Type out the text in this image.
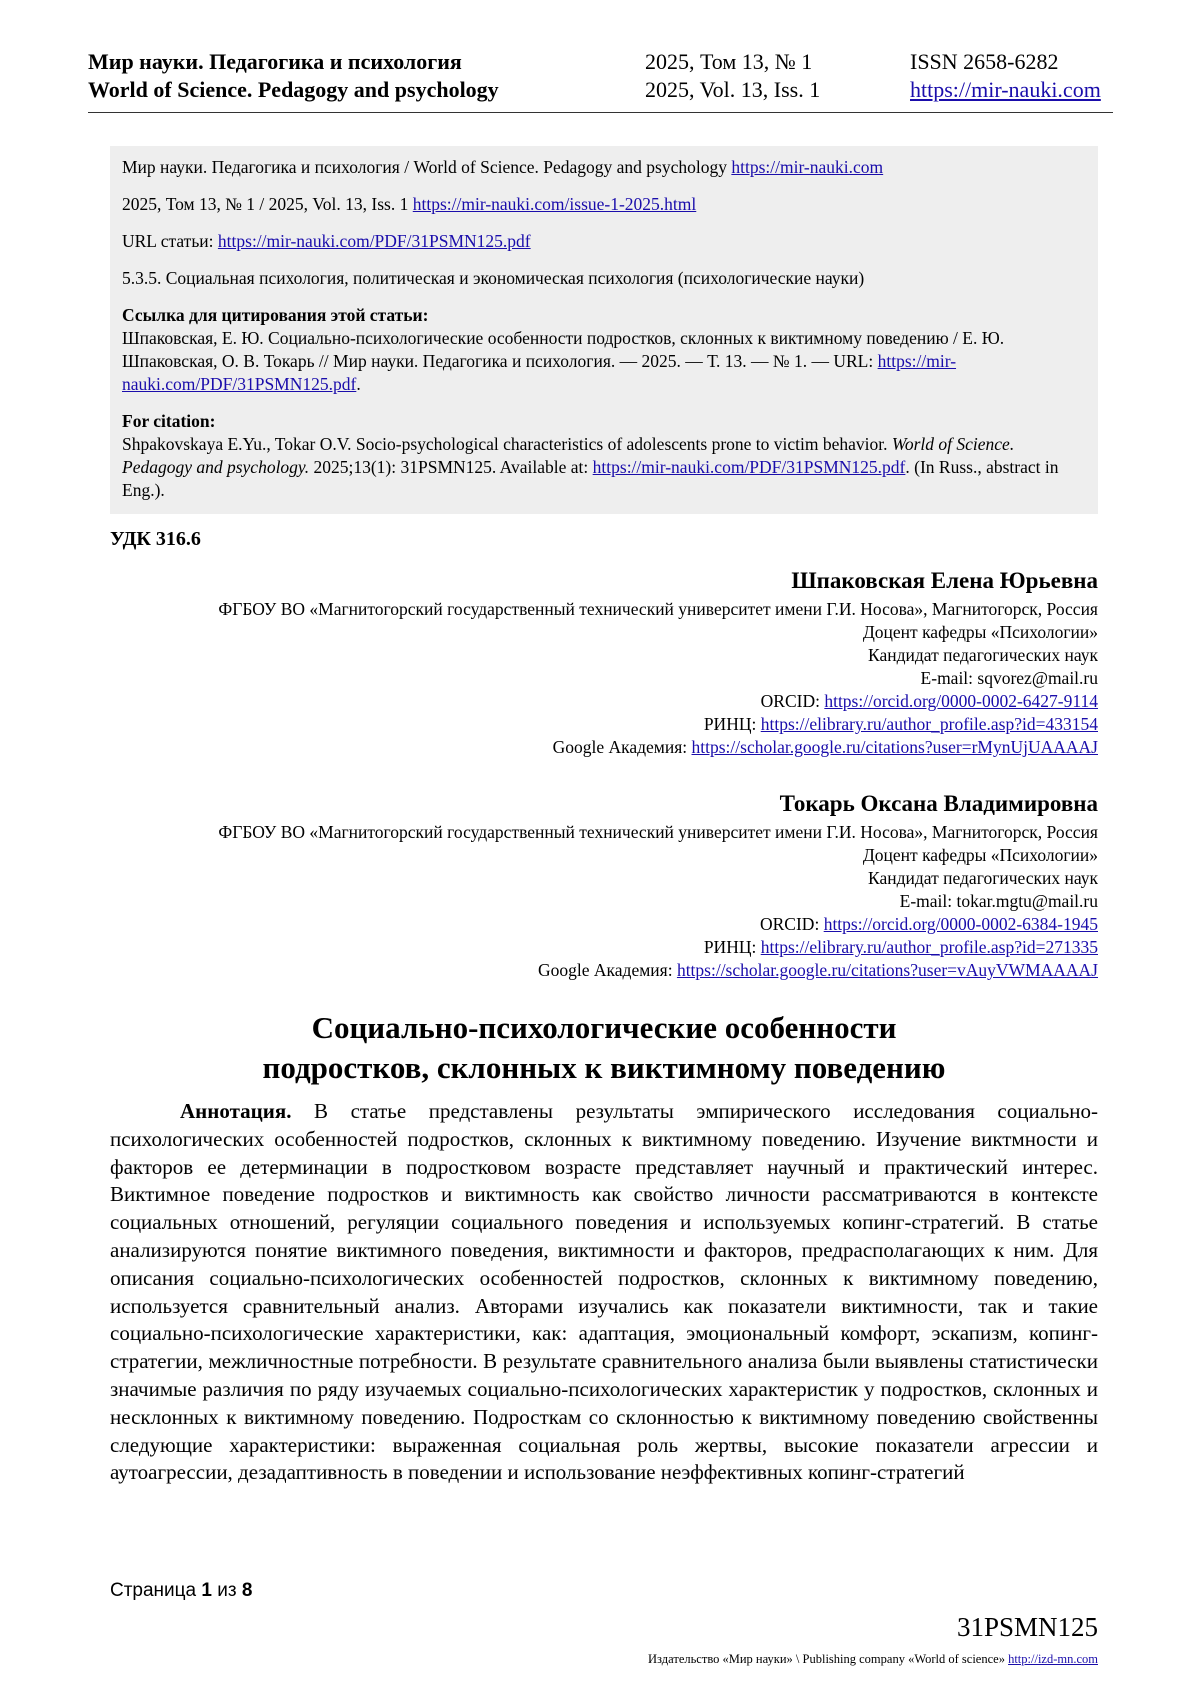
Мир науки. Педагогика и психология
World of Science. Pedagogy and psychology
2025, Том 13, № 1
2025, Vol. 13, Iss. 1
ISSN 2658-6282
https://mir-nauki.com

Мир науки. Педагогика и психология / World of Science. Pedagogy and psychology https://mir-nauki.com

2025, Том 13, № 1 / 2025, Vol. 13, Iss. 1 https://mir-nauki.com/issue-1-2025.html

URL статьи: https://mir-nauki.com/PDF/31PSMN125.pdf

5.3.5. Социальная психология, политическая и экономическая психология (психологические науки)

Ссылка для цитирования этой статьи:

Шпаковская, Е. Ю. Социально-психологические особенности подростков, склонных к виктимному поведению / Е. Ю. Шпаковская, О. В. Токарь // Мир науки. Педагогика и психология. — 2025. — Т. 13. — № 1. — URL: https://mir-nauki.com/PDF/31PSMN125.pdf.

For citation:

Shpakovskaya E.Yu., Tokar O.V. Socio-psychological characteristics of adolescents prone to victim behavior. World of Science. Pedagogy and psychology. 2025;13(1): 31PSMN125. Available at: https://mir-nauki.com/PDF/31PSMN125.pdf. (In Russ., abstract in Eng.).

УДК 316.6
Шпаковская Елена Юрьевна
ФГБОУ ВО «Магнитогорский государственный технический университет имени Г.И. Носова», Магнитогорск, Россия
Доцент кафедры «Психологии»
Кандидат педагогических наук
E-mail: sqvorez@mail.ru
ORCID: https://orcid.org/0000-0002-6427-9114
РИНЦ: https://elibrary.ru/author_profile.asp?id=433154
Google Академия: https://scholar.google.ru/citations?user=rMynUjUAAAAJ
Токарь Оксана Владимировна
ФГБОУ ВО «Магнитогорский государственный технический университет имени Г.И. Носова», Магнитогорск, Россия
Доцент кафедры «Психологии»
Кандидат педагогических наук
E-mail: tokar.mgtu@mail.ru
ORCID: https://orcid.org/0000-0002-6384-1945
РИНЦ: https://elibrary.ru/author_profile.asp?id=271335
Google Академия: https://scholar.google.ru/citations?user=vAuyVWMAAAAJ
Социально-психологические особенности
подростков, склонных к виктимному поведению
Аннотация. В статье представлены результаты эмпирического исследования социально-психологических особенностей подростков, склонных к виктимному поведению. Изучение виктмности и факторов ее детерминации в подростковом возрасте представляет научный и практический интерес. Виктимное поведение подростков и виктимность как свойство личности рассматриваются в контексте социальных отношений, регуляции социального поведения и используемых копинг-стратегий. В статье анализируются понятие виктимного поведения, виктимности и факторов, предрасполагающих к ним. Для описания социально-психологических особенностей подростков, склонных к виктимному поведению, используется сравнительный анализ. Авторами изучались как показатели виктимности, так и такие социально-психологические характеристики, как: адаптация, эмоциональный комфорт, эскапизм, копинг-стратегии, межличностные потребности. В результате сравнительного анализа были выявлены статистически значимые различия по ряду изучаемых социально-психологических характеристик у подростков, склонных и несклонных к виктимному поведению. Подросткам со склонностью к виктимному поведению свойственны следующие характеристики: выраженная социальная роль жертвы, высокие показатели агрессии и аутоагрессии, дезадаптивность в поведении и использование неэффективных копинг-стратегий
Страница 1 из 8
31PSMN125
Издательство «Мир науки» \ Publishing company «World of science» http://izd-mn.com
